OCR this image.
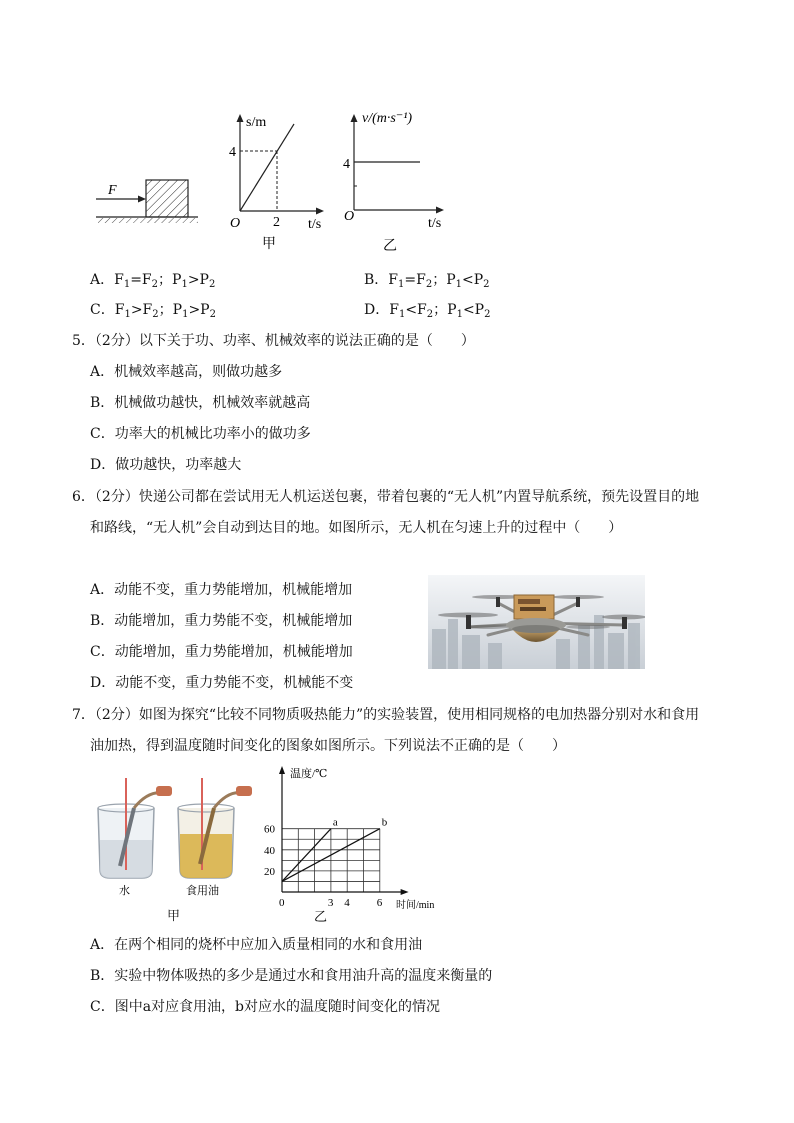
F
s/m
4
2
O	t/s
甲
v/(m·s⁻¹)
4
O	t/s
乙
A．$F_1=F_2$；$P_1>P_2$	B．$F_1=F_2$；$P_1<P_2$
C．$F_1>F_2$；$P_1>P_2$	D．$F_1<F_2$；$P_1<P_2$
5．（2分）以下关于功、功率、机械效率的说法正确的是（　　）
A．机械效率越高，则做功越多
B．机械做功越快，机械效率就越高
C．功率大的机械比功率小的做功多
D．做功越快，功率越大
6．（2分）快递公司都在尝试用无人机运送包裹，带着包裹的“无人机”内置导航系统，预先设置目的地
和路线，“无人机”会自动到达目的地。如图所示，无人机在匀速上升的过程中（　　）
A．动能不变，重力势能增加，机械能增加
B．动能增加，重力势能不变，机械能增加
C．动能增加，重力势能增加，机械能增加
D．动能不变，重力势能不变，机械能不变
7．（2分）如图为探究“比较不同物质吸热能力”的实验装置，使用相同规格的电加热器分别对水和食用
油加热，得到温度随时间变化的图象如图所示。下列说法不正确的是（　　）
水	食用油
甲
a	b
20
40
60
0	3 4 6
温度/℃
时间/min
乙
A．在两个相同的烧杯中应加入质量相同的水和食用油
B．实验中物体吸热的多少是通过水和食用油升高的温度来衡量的
C．图中a对应食用油，b对应水的温度随时间变化的情况
